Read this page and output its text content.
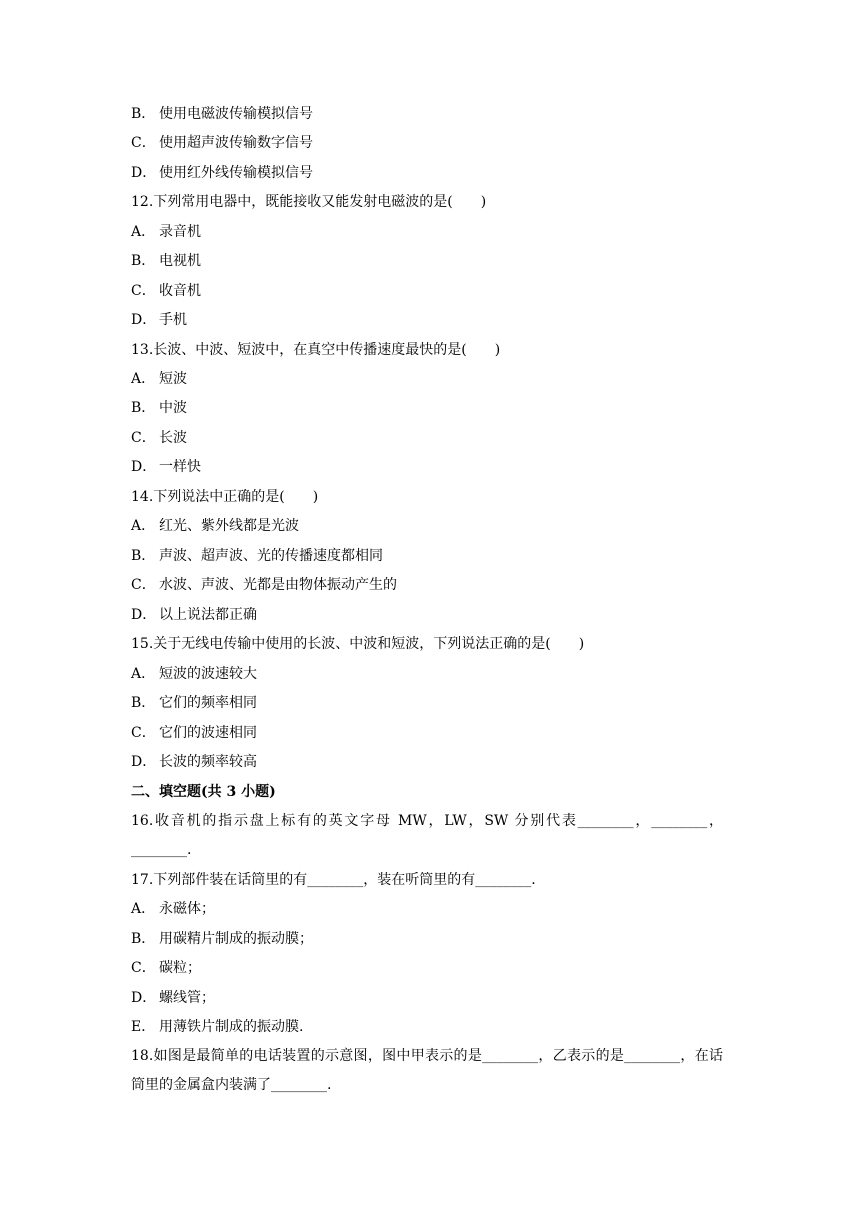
B． 使用电磁波传输模拟信号
C． 使用超声波传输数字信号
D． 使用红外线传输模拟信号
12.下列常用电器中，既能接收又能发射电磁波的是(　　)
A． 录音机
B． 电视机
C． 收音机
D． 手机
13.长波、中波、短波中，在真空中传播速度最快的是(　　)
A． 短波
B． 中波
C． 长波
D． 一样快
14.下列说法中正确的是(　　)
A． 红光、紫外线都是光波
B． 声波、超声波、光的传播速度都相同
C． 水波、声波、光都是由物体振动产生的
D． 以上说法都正确
15.关于无线电传输中使用的长波、中波和短波，下列说法正确的是(　　)
A． 短波的波速较大
B． 它们的频率相同
C． 它们的波速相同
D． 长波的频率较高
二、填空题(共 3 小题)
16.收音机的指示盘上标有的英文字母 MW，LW，SW 分别代表________，________，________.
17.下列部件装在话筒里的有________，装在听筒里的有________.
A． 永磁体；
B． 用碳精片制成的振动膜；
C． 碳粒；
D． 螺线管；
E． 用薄铁片制成的振动膜.
18.如图是最简单的电话装置的示意图，图中甲表示的是________，乙表示的是________，在话筒里的金属盒内装满了________.
